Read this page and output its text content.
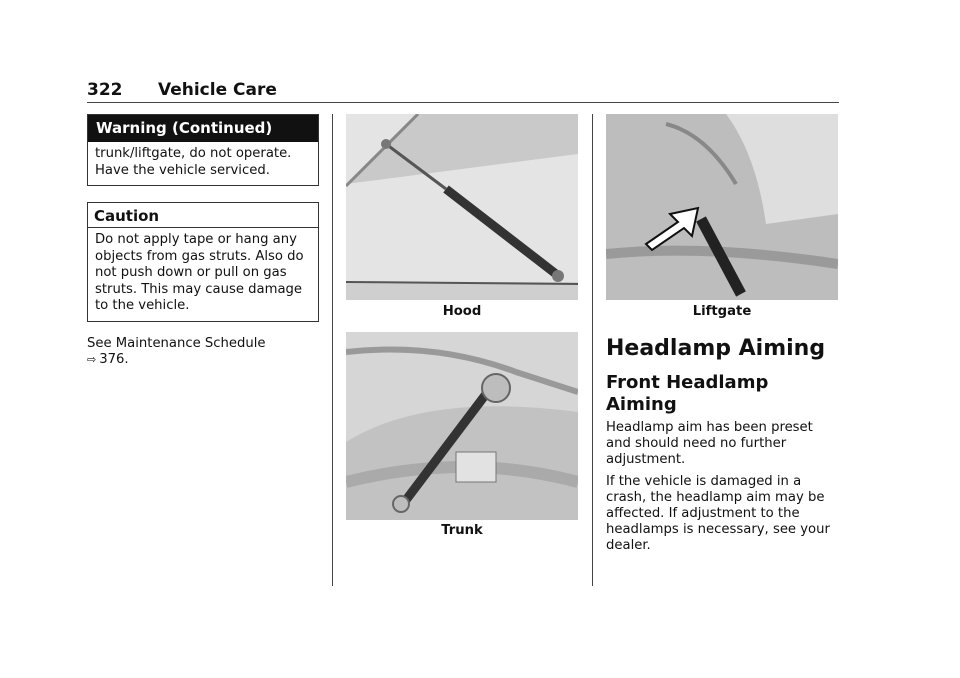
322 Vehicle Care
Warning (Continued)
trunk/liftgate, do not operate. Have the vehicle serviced.
Caution
Do not apply tape or hang any objects from gas struts. Also do not push down or pull on gas struts. This may cause damage to the vehicle.
See Maintenance Schedule
⇨ 376.
Hood
Trunk
Liftgate
Headlamp Aiming
Front Headlamp Aiming
Headlamp aim has been preset and should need no further adjustment.
If the vehicle is damaged in a crash, the headlamp aim may be affected. If adjustment to the headlamps is necessary, see your dealer.
